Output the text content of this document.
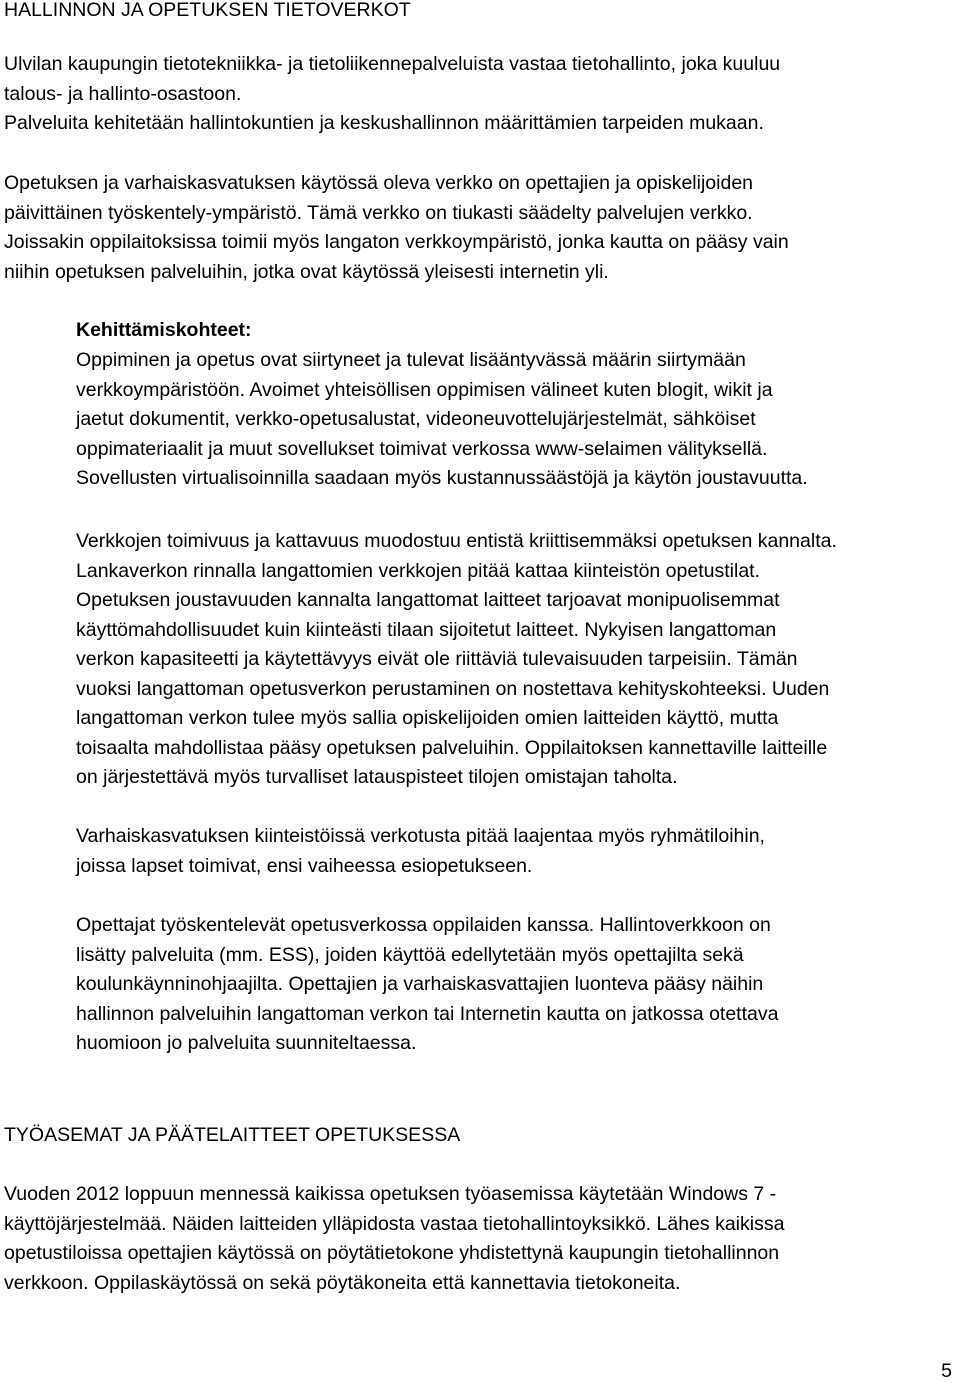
HALLINNON JA OPETUKSEN TIETOVERKOT
Ulvilan kaupungin tietotekniikka- ja tietoliikennepalveluista vastaa tietohallinto, joka kuuluu
talous- ja hallinto-osastoon.
Palveluita kehitetään hallintokuntien ja keskushallinnon määrittämien tarpeiden mukaan.
Opetuksen ja varhaiskasvatuksen käytössä oleva verkko on opettajien ja opiskelijoiden
päivittäinen työskentely-ympäristö. Tämä verkko on tiukasti säädelty palvelujen verkko.
Joissakin oppilaitoksissa toimii myös langaton verkkoympäristö, jonka kautta on pääsy vain
niihin opetuksen palveluihin, jotka ovat käytössä yleisesti internetin yli.
Kehittämiskohteet:
Oppiminen ja opetus ovat siirtyneet ja tulevat lisääntyvässä määrin siirtymään
verkkoympäristöön. Avoimet yhteisöllisen oppimisen välineet kuten blogit, wikit ja
jaetut dokumentit, verkko-opetusalustat, videoneuvottelujärjestelmät, sähköiset
oppimateriaalit ja muut sovellukset toimivat verkossa www-selaimen välityksellä.
Sovellusten virtualisoinnilla saadaan myös kustannussäästöjä ja käytön joustavuutta.
Verkkojen toimivuus ja kattavuus muodostuu entistä kriittisemmäksi opetuksen kannalta.
Lankaverkon rinnalla langattomien verkkojen pitää kattaa kiinteistön opetustilat.
Opetuksen joustavuuden kannalta langattomat laitteet tarjoavat monipuolisemmat
käyttömahdollisuudet kuin kiinteästi tilaan sijoitetut laitteet. Nykyisen langattoman
verkon kapasiteetti ja käytettävyys eivät ole riittäviä tulevaisuuden tarpeisiin. Tämän
vuoksi langattoman opetusverkon perustaminen on nostettava kehityskohteeksi. Uuden
langattoman verkon tulee myös sallia opiskelijoiden omien laitteiden käyttö, mutta
toisaalta mahdollistaa pääsy opetuksen palveluihin. Oppilaitoksen kannettaville laitteille
on järjestettävä myös turvalliset latauspisteet tilojen omistajan taholta.
Varhaiskasvatuksen kiinteistöissä verkotusta pitää laajentaa myös ryhmätiloihin,
joissa lapset toimivat, ensi vaiheessa esiopetukseen.
Opettajat työskentelevät opetusverkossa oppilaiden kanssa. Hallintoverkkoon on
lisätty palveluita (mm. ESS), joiden käyttöä edellytetään myös opettajilta sekä
koulunkäynninohjaajilta. Opettajien ja varhaiskasvattajien luonteva pääsy näihin
hallinnon palveluihin langattoman verkon tai Internetin kautta on jatkossa otettava
huomioon jo palveluita suunniteltaessa.
TYÖASEMAT JA PÄÄTELAITTEET OPETUKSESSA
Vuoden 2012 loppuun mennessä kaikissa opetuksen työasemissa käytetään Windows 7 -
käyttöjärjestelmää. Näiden laitteiden ylläpidosta vastaa tietohallintoyksikkö. Lähes kaikissa
opetustiloissa opettajien käytössä on pöytätietokone yhdistettynä kaupungin tietohallinnon
verkkoon. Oppilaskäytössä on sekä pöytäkoneita että kannettavia tietokoneita.
5
